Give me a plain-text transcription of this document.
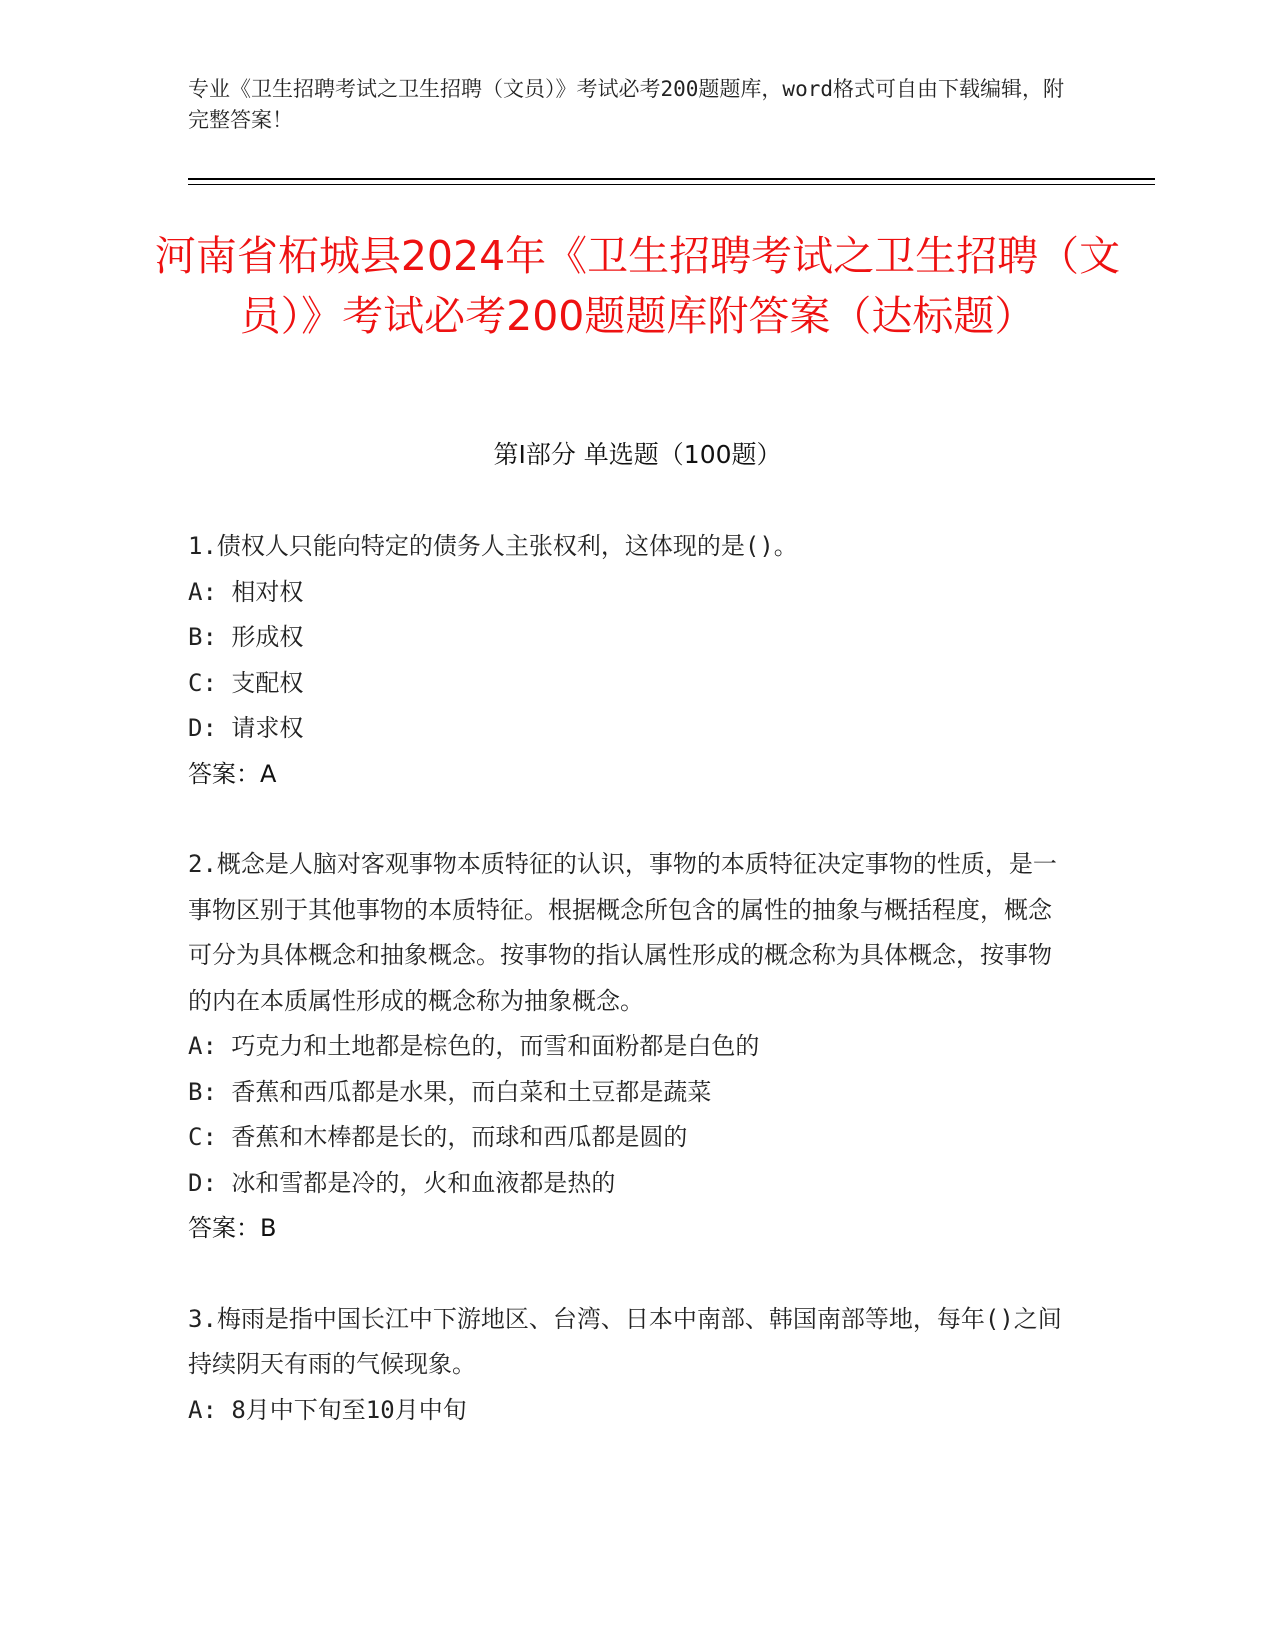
专业《卫生招聘考试之卫生招聘（文员）》考试必考200题题库，word格式可自由下载编辑，附完整答案！
河南省柘城县2024年《卫生招聘考试之卫生招聘（文员）》考试必考200题题库附答案（达标题）
第Ⅰ部分 单选题（100题）
1.债权人只能向特定的债务人主张权利，这体现的是()。
A: 相对权
B: 形成权
C: 支配权
D: 请求权
答案：A
2.概念是人脑对客观事物本质特征的认识，事物的本质特征决定事物的性质，是一事物区别于其他事物的本质特征。根据概念所包含的属性的抽象与概括程度，概念可分为具体概念和抽象概念。按事物的指认属性形成的概念称为具体概念，按事物的内在本质属性形成的概念称为抽象概念。
A: 巧克力和土地都是棕色的，而雪和面粉都是白色的
B: 香蕉和西瓜都是水果，而白菜和土豆都是蔬菜
C: 香蕉和木棒都是长的，而球和西瓜都是圆的
D: 冰和雪都是冷的，火和血液都是热的
答案：B
3.梅雨是指中国长江中下游地区、台湾、日本中南部、韩国南部等地，每年()之间持续阴天有雨的气候现象。
A: 8月中下旬至10月中旬
